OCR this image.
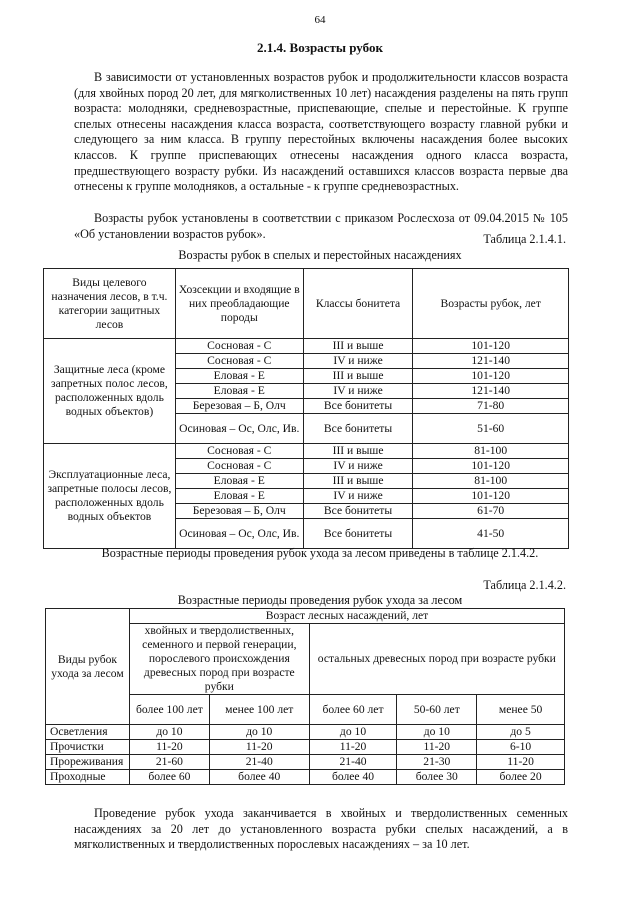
64
2.1.4. Возрасты рубок

В зависимости от установленных возрастов рубок и продолжительности классов возраста (для хвойных пород 20 лет, для мягколиственных 10 лет) насаждения разделены на пять групп возраста: молодняки, средневозрастные, приспевающие, спелые и перестойные. К группе спелых отнесены насаждения класса возраста, соответствующего возрасту главной рубки и следующего за ним класса. В группу перестойных включены насаждения более высоких классов. К группе приспевающих отнесены насаждения одного класса возраста, предшествующего возрасту рубки. Из насаждений оставшихся классов возраста первые два отнесены к группе молодняков, а остальные - к группе средневозрастных.

Возрасты рубок установлены в соответствии с приказом Рослесхоза от 09.04.2015 № 105 «Об установлении возрастов рубок».	Таблица 2.1.4.1.
Возрасты рубок в спелых и перестойных насаждениях
Виды целевого назначения лесов, в т.ч. категории защитных лесов	Хозсекции и входящие в них преобладающие породы	Классы бонитета	Возрасты рубок, лет
Защитные леса (кроме запретных полос лесов, расположенных вдоль водных объектов)	Сосновая - С	III и выше	101-120
	Сосновая - С	IV и ниже	121-140
	Еловая - Е	III и выше	101-120
	Еловая - Е	IV и ниже	121-140
	Березовая – Б, Олч	Все бонитеты	71-80
	Осиновая – Ос, Олс, Ив.	Все бонитеты	51-60
Эксплуатационные леса, запретные полосы лесов, расположенных вдоль водных объектов	Сосновая - С	III и выше	81-100
	Сосновая - С	IV и ниже	101-120
	Еловая - Е	III и выше	81-100
	Еловая - Е	IV и ниже	101-120
	Березовая – Б, Олч	Все бонитеты	61-70
	Осиновая – Ос, Олс, Ив.	Все бонитеты	41-50
Возрастные периоды проведения рубок ухода за лесом приведены в таблице 2.1.4.2.
Таблица 2.1.4.2.
Возрастные периоды проведения рубок ухода за лесом
Виды рубок ухода за лесом	Возраст лесных насаждений, лет				
	хвойных и твердолиственных, семенного и первой генерации, порослевого происхождения древесных пород при возрасте рубки		остальных древесных пород при возрасте рубки		
	более 100 лет	менее 100 лет	более 60 лет	50-60 лет	менее 50
Осветления	до 10	до 10	до 10	до 10	до 5
Прочистки	11-20	11-20	11-20	11-20	6-10
Прореживания	21-60	21-40	21-40	21-30	11-20
Проходные	более 60	более 40	более 40	более 30	более 20

Проведение рубок ухода заканчивается в хвойных и твердолиственных семенных насаждениях за 20 лет до установленного возраста рубки спелых насаждений, а в мягколиственных и твердолиственных порослевых насаждениях – за 10 лет.
